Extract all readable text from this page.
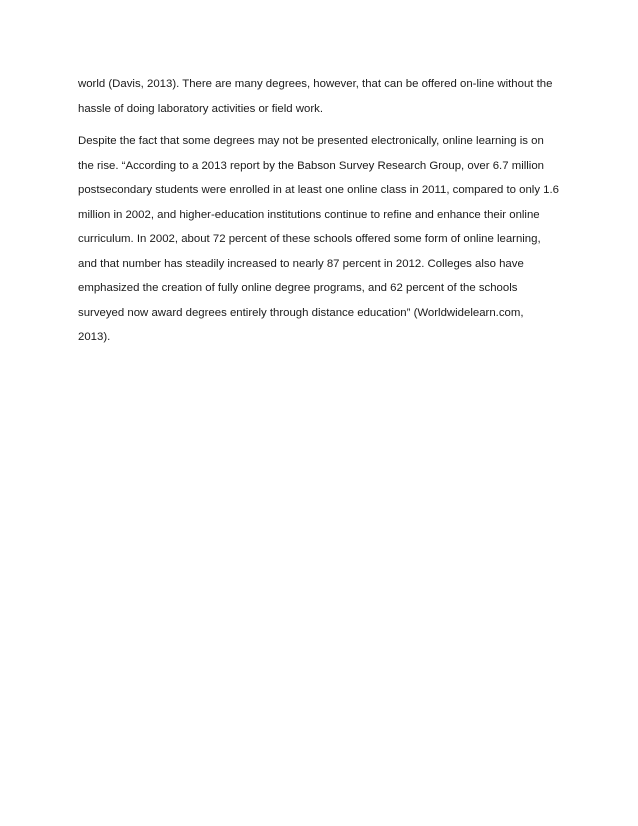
world (Davis, 2013). There are many degrees, however, that can be offered on-line without the
hassle of doing laboratory activities or field work.
Despite the fact that some degrees may not be presented electronically, online learning is on
the rise. “According to a 2013 report by the Babson Survey Research Group, over 6.7 million
postsecondary students were enrolled in at least one online class in 2011, compared to only 1.6
million in 2002, and higher-education institutions continue to refine and enhance their online
curriculum. In 2002, about 72 percent of these schools offered some form of online learning,
and that number has steadily increased to nearly 87 percent in 2012. Colleges also have
emphasized the creation of fully online degree programs, and 62 percent of the schools
surveyed now award degrees entirely through distance education” (Worldwidelearn.com,
2013).
